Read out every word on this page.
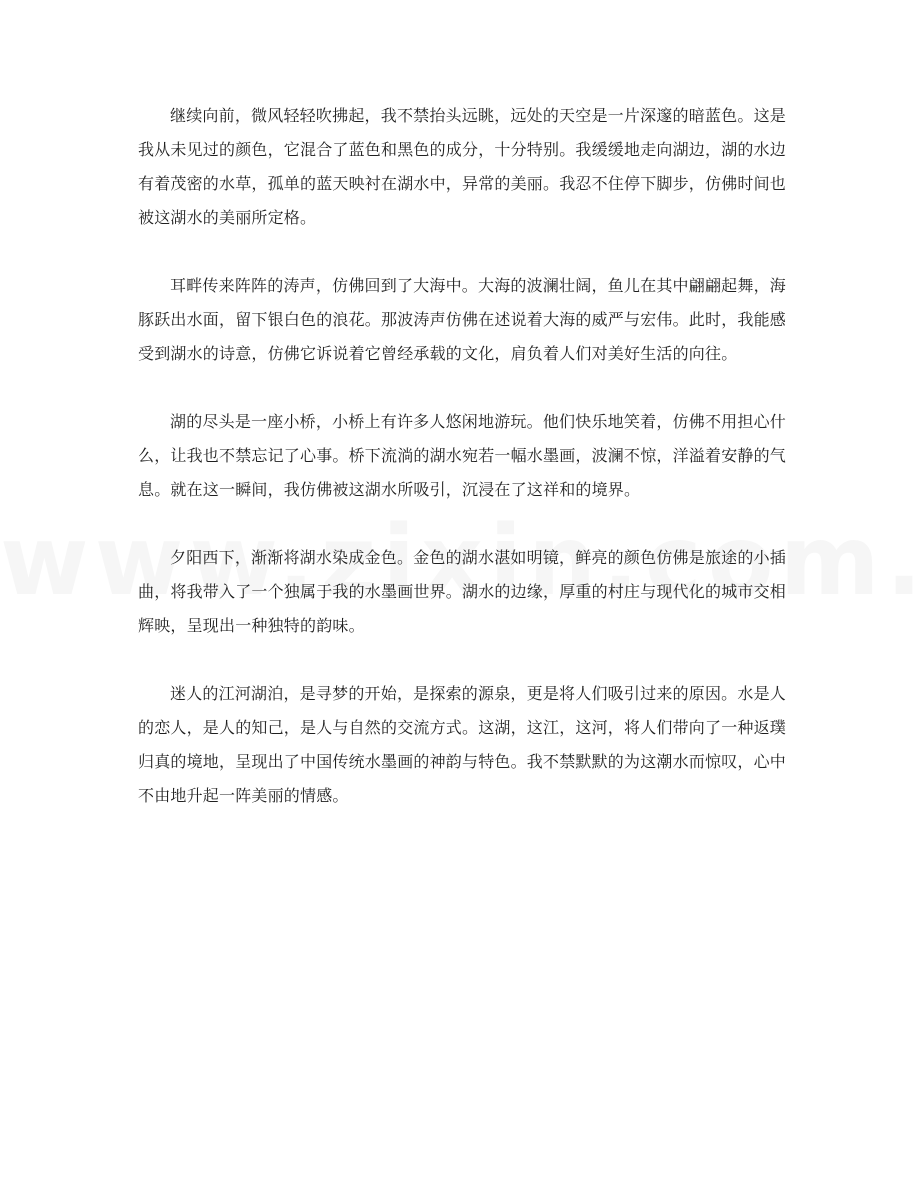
继续向前，微风轻轻吹拂起，我不禁抬头远眺，远处的天空是一片深邃的暗蓝色。这是我从未见过的颜色，它混合了蓝色和黑色的成分，十分特别。我缓缓地走向湖边，湖的水边有着茂密的水草，孤单的蓝天映衬在湖水中，异常的美丽。我忍不住停下脚步，仿佛时间也被这湖水的美丽所定格。

耳畔传来阵阵的涛声，仿佛回到了大海中。大海的波澜壮阔，鱼儿在其中翩翩起舞，海豚跃出水面，留下银白色的浪花。那波涛声仿佛在述说着大海的威严与宏伟。此时，我能感受到湖水的诗意，仿佛它诉说着它曾经承载的文化，肩负着人们对美好生活的向往。

湖的尽头是一座小桥，小桥上有许多人悠闲地游玩。他们快乐地笑着，仿佛不用担心什么，让我也不禁忘记了心事。桥下流淌的湖水宛若一幅水墨画，波澜不惊，洋溢着安静的气息。就在这一瞬间，我仿佛被这湖水所吸引，沉浸在了这祥和的境界。

夕阳西下，渐渐将湖水染成金色。金色的湖水湛如明镜，鲜亮的颜色仿佛是旅途的小插曲，将我带入了一个独属于我的水墨画世界。湖水的边缘，厚重的村庄与现代化的城市交相辉映，呈现出一种独特的韵味。

迷人的江河湖泊，是寻梦的开始，是探索的源泉，更是将人们吸引过来的原因。水是人的恋人，是人的知己，是人与自然的交流方式。这湖，这江，这河，将人们带向了一种返璞归真的境地，呈现出了中国传统水墨画的神韵与特色。我不禁默默的为这潮水而惊叹，心中不由地升起一阵美丽的情感。
